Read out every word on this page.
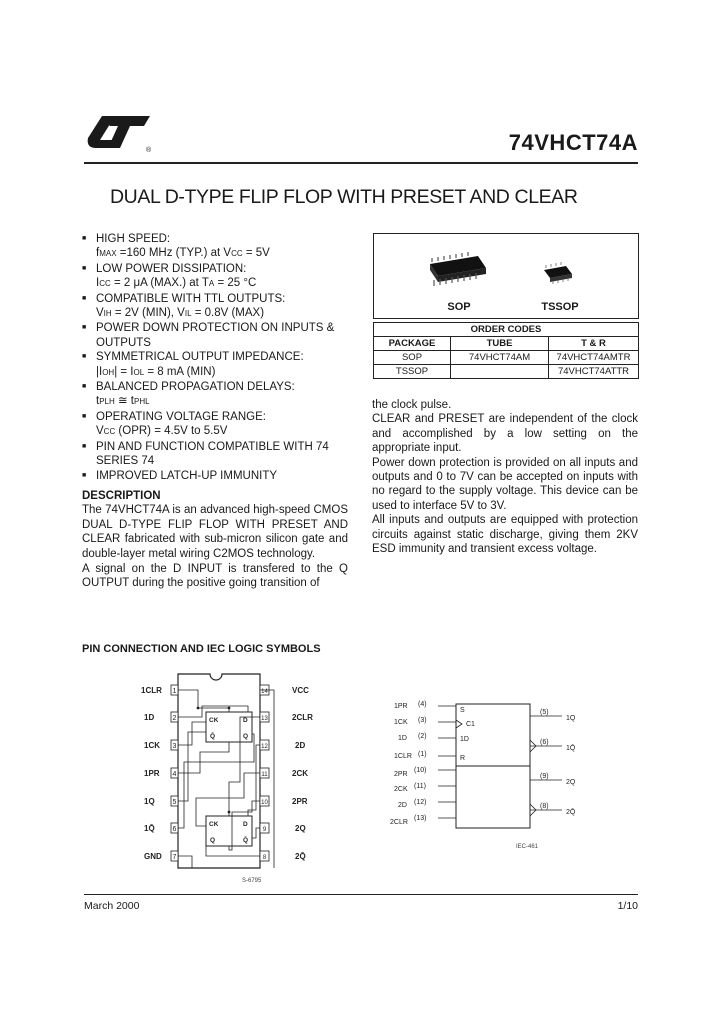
®	74VHCT74A
DUAL D-TYPE FLIP FLOP WITH PRESET AND CLEAR
■ HIGH SPEED:
fMAX =160 MHz (TYP.) at VCC = 5V
■ LOW POWER DISSIPATION:
ICC = 2 μA (MAX.) at TA = 25 °C
■ COMPATIBLE WITH TTL OUTPUTS:
VIH = 2V (MIN), VIL = 0.8V (MAX)
■ POWER DOWN PROTECTION ON INPUTS & OUTPUTS
■ SYMMETRICAL OUTPUT IMPEDANCE:
|IOH| = IOL = 8 mA (MIN)
■ BALANCED PROPAGATION DELAYS:
tPLH ≅ tPHL
■ OPERATING VOLTAGE RANGE:
VCC (OPR) = 4.5V to 5.5V
■ PIN AND FUNCTION COMPATIBLE WITH 74 SERIES 74
■ IMPROVED LATCH-UP IMMUNITY
DESCRIPTION

The 74VHCT74A is an advanced high-speed CMOS DUAL D-TYPE FLIP FLOP WITH PRESET AND CLEAR fabricated with sub-micron silicon gate and double-layer metal wiring C2MOS technology.

A signal on the D INPUT is transfered to the Q OUTPUT during the positive going transition of

SOP	TSSOP
ORDER CODES		
PACKAGE	TUBE	T & R
SOP	74VHCT74AM	74VHCT74AMTR
TSSOP		74VHCT74ATTR

the clock pulse.

CLEAR and PRESET are independent of the clock and accomplished by a low setting on the appropriate input.

Power down protection is provided on all inputs and outputs and 0 to 7V can be accepted on inputs with no regard to the supply voltage. This device can be used to interface 5V to 3V.

All inputs and outputs are equipped with protection circuits against static discharge, giving them 2KV ESD immunity and transient excess voltage.

PIN CONNECTION AND IEC LOGIC SYMBOLS
1CLR
1D
1CK
1PR
1Q
1Q̄
GND
VCC
2CLR
2D
2CK
2PR
2Q
2Q̄
1
2
3
4
5
6
7
14
13
12
11
10
9
8
CK	D
Q̄	Q
CK	D
Q	Q̄
S-6795
S
C1
1D
R
1PR
1CK
1D
1CLR
2PR
2CK
2D
2CLR
(4)
(3)
(2)
(1)
(10)
(11)
(12)
(13)
(5)
(6)
(9)
(8)
1Q
1Q̄
2Q
2Q̄
IEC-461
March 2000	1/10
